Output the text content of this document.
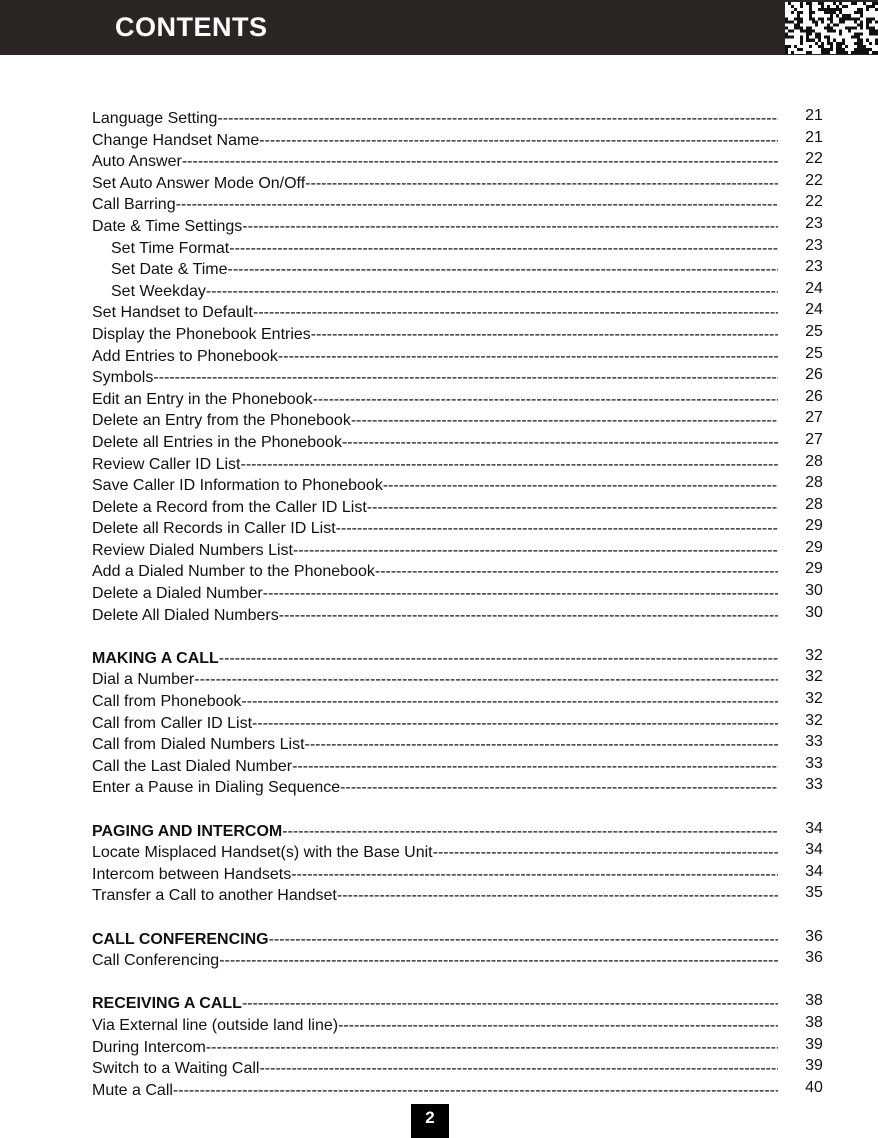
CONTENTS
Language Setting -----	21
Change Handset Name -----	21
Auto Answer -----	22
Set Auto Answer Mode On/Off -----	22
Call Barring -----	22
Date & Time Settings -----	23
Set Time Format -----	23
Set Date & Time -----	23
Set Weekday -----	24
Set Handset to Default -----	24
Display the Phonebook Entries -----	25
Add Entries to Phonebook -----	25
Symbols -----	26
Edit an Entry in the Phonebook -----	26
Delete an Entry from the Phonebook -----	27
Delete all Entries in the Phonebook -----	27
Review Caller ID List -----	28
Save Caller ID Information to Phonebook -----	28
Delete a Record from the Caller ID List -----	28
Delete all Records in Caller ID List -----	29
Review Dialed Numbers List -----	29
Add a Dialed Number to the Phonebook -----	29
Delete a Dialed Number -----	30
Delete All Dialed Numbers -----	30
MAKING A CALL -----	32
Dial a Number -----	32
Call from Phonebook -----	32
Call from Caller ID List -----	32
Call from Dialed Numbers List -----	33
Call the Last Dialed Number -----	33
Enter a Pause in Dialing Sequence -----	33
PAGING AND INTERCOM -----	34
Locate Misplaced Handset(s) with the Base Unit -----	34
Intercom between Handsets -----	34
Transfer a Call to another Handset -----	35
CALL CONFERENCING -----	36
Call Conferencing -----	36
RECEIVING A CALL -----	38
Via External line (outside land line) -----	38
During Intercom -----	39
Switch to a Waiting Call -----	39
Mute a Call -----	40
2
